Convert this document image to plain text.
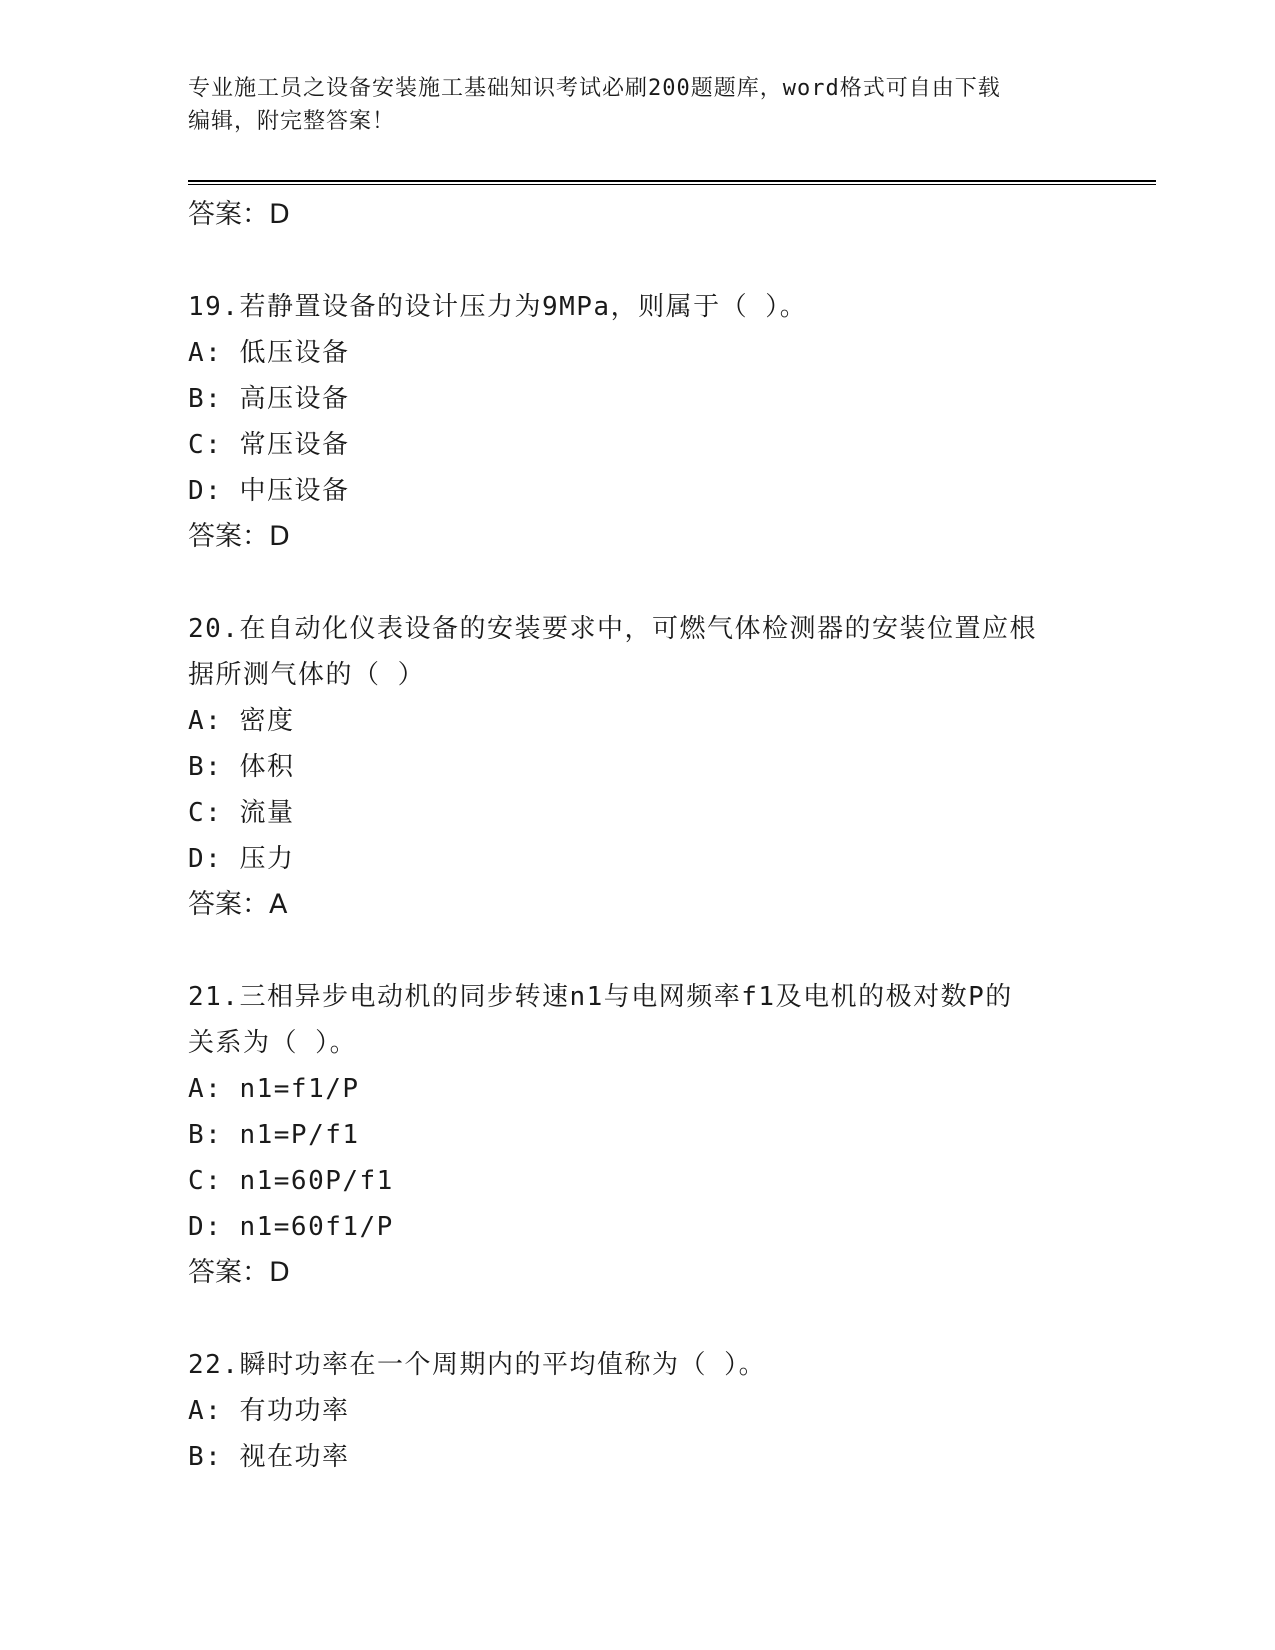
专业施工员之设备安装施工基础知识考试必刷200题题库，word格式可自由下载
编辑，附完整答案！
答案：D
19.若静置设备的设计压力为9MPa，则属于（ ）。
A: 低压设备
B: 高压设备
C: 常压设备
D: 中压设备
答案：D
20.在自动化仪表设备的安装要求中，可燃气体检测器的安装位置应根
据所测气体的（ ）
A: 密度
B: 体积
C: 流量
D: 压力
答案：A
21.三相异步电动机的同步转速n1与电网频率f1及电机的极对数P的
关系为（ ）。
A: n1=f1/P
B: n1=P/f1
C: n1=60P/f1
D: n1=60f1/P
答案：D
22.瞬时功率在一个周期内的平均值称为（ ）。
A: 有功功率
B: 视在功率
